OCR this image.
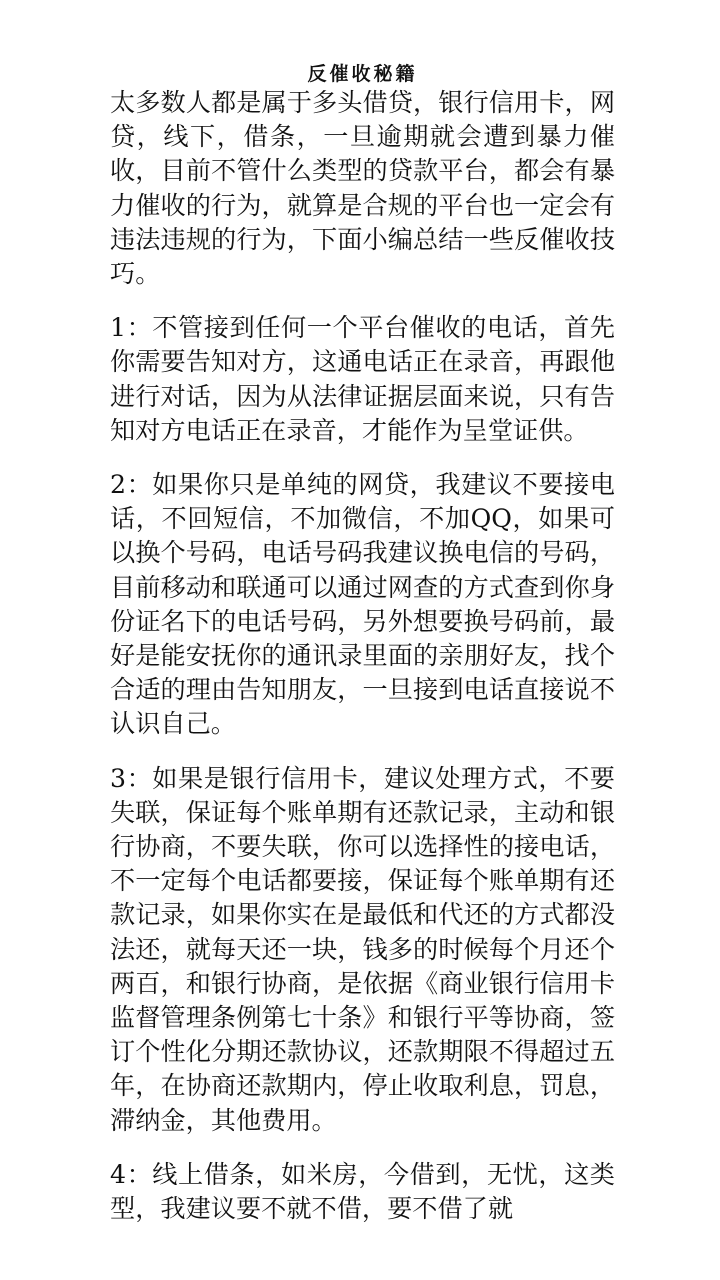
反催收秘籍

太多数人都是属于多头借贷，银行信用卡，网贷，线下，借条，一旦逾期就会遭到暴力催收，目前不管什么类型的贷款平台，都会有暴力催收的行为，就算是合规的平台也一定会有违法违规的行为，下面小编总结一些反催收技巧。

1：不管接到任何一个平台催收的电话，首先你需要告知对方，这通电话正在录音，再跟他进行对话，因为从法律证据层面来说，只有告知对方电话正在录音，才能作为呈堂证供。

2：如果你只是单纯的网贷，我建议不要接电话，不回短信，不加微信，不加QQ，如果可以换个号码，电话号码我建议换电信的号码，目前移动和联通可以通过网查的方式查到你身份证名下的电话号码，另外想要换号码前，最好是能安抚你的通讯录里面的亲朋好友，找个合适的理由告知朋友，一旦接到电话直接说不认识自己。

3：如果是银行信用卡，建议处理方式，不要失联，保证每个账单期有还款记录，主动和银行协商，不要失联，你可以选择性的接电话，不一定每个电话都要接，保证每个账单期有还款记录，如果你实在是最低和代还的方式都没法还，就每天还一块，钱多的时候每个月还个两百，和银行协商，是依据《商业银行信用卡监督管理条例第七十条》和银行平等协商，签订个性化分期还款协议，还款期限不得超过五年，在协商还款期内，停止收取利息，罚息，滞纳金，其他费用。

4：线上借条，如米房，今借到，无忧，这类型，我建议要不就不借，要不借了就
